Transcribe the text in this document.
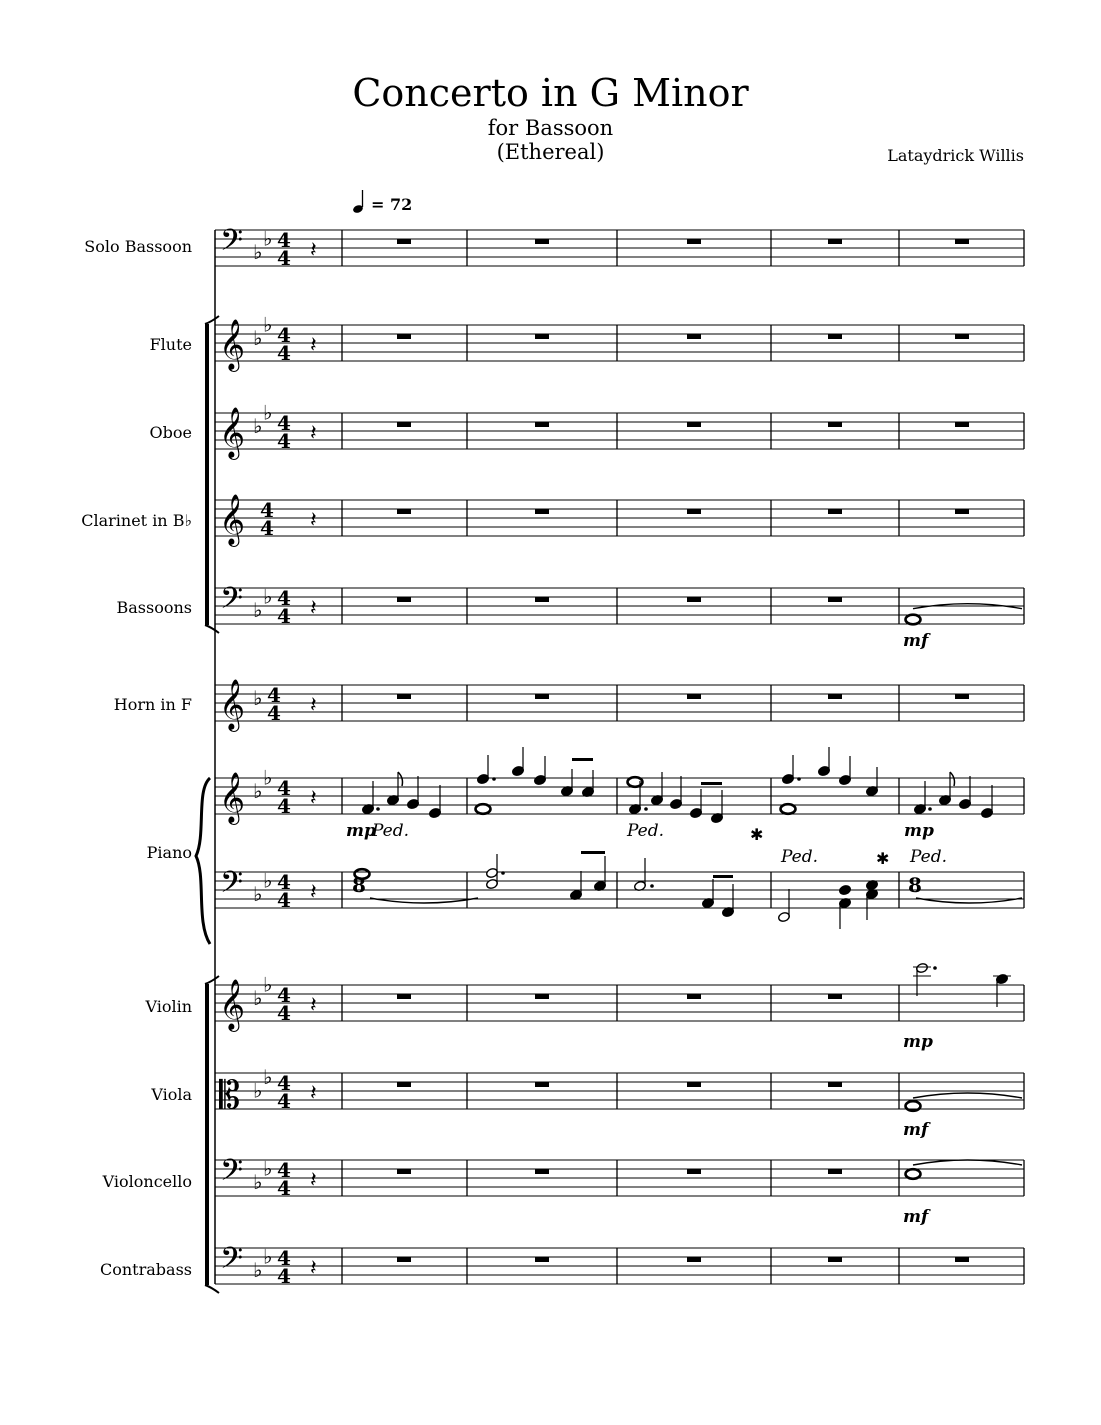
Concerto in G Minor
for Bassoon
(Ethereal)	Lataydrick Willis
= 72
Solo Bassoon
Flute
Oboe
Clarinet in B♭
Bassoons
Horn in F
Piano
Violin
Viola
Violoncello
Contrabass
𝄢 ♭
♭ 4
4 𝄽
𝄞 ♭
♭ 4
4 𝄽
𝄞 ♭
♭ 4
4 𝄽
𝄞 4
4 𝄽
𝄢 ♭
♭ 4
4 𝄽
𝄞 ♭ 4
4 𝄽
𝄞 ♭
♭ 4
4 𝄽
𝄢 ♭
♭ 4
4 𝄽
𝄞 ♭
♭ 4
4 𝄽
𝄡 ♭
♭ 4
4 𝄽
𝄢 ♭
♭ 4
4 𝄽
𝄢 ♭
♭ 4
4 𝄽
mf
mp	mp
mp
mf
mf
Ped.	Ped.	✱
Ped.	✱ Ped.
8	8
